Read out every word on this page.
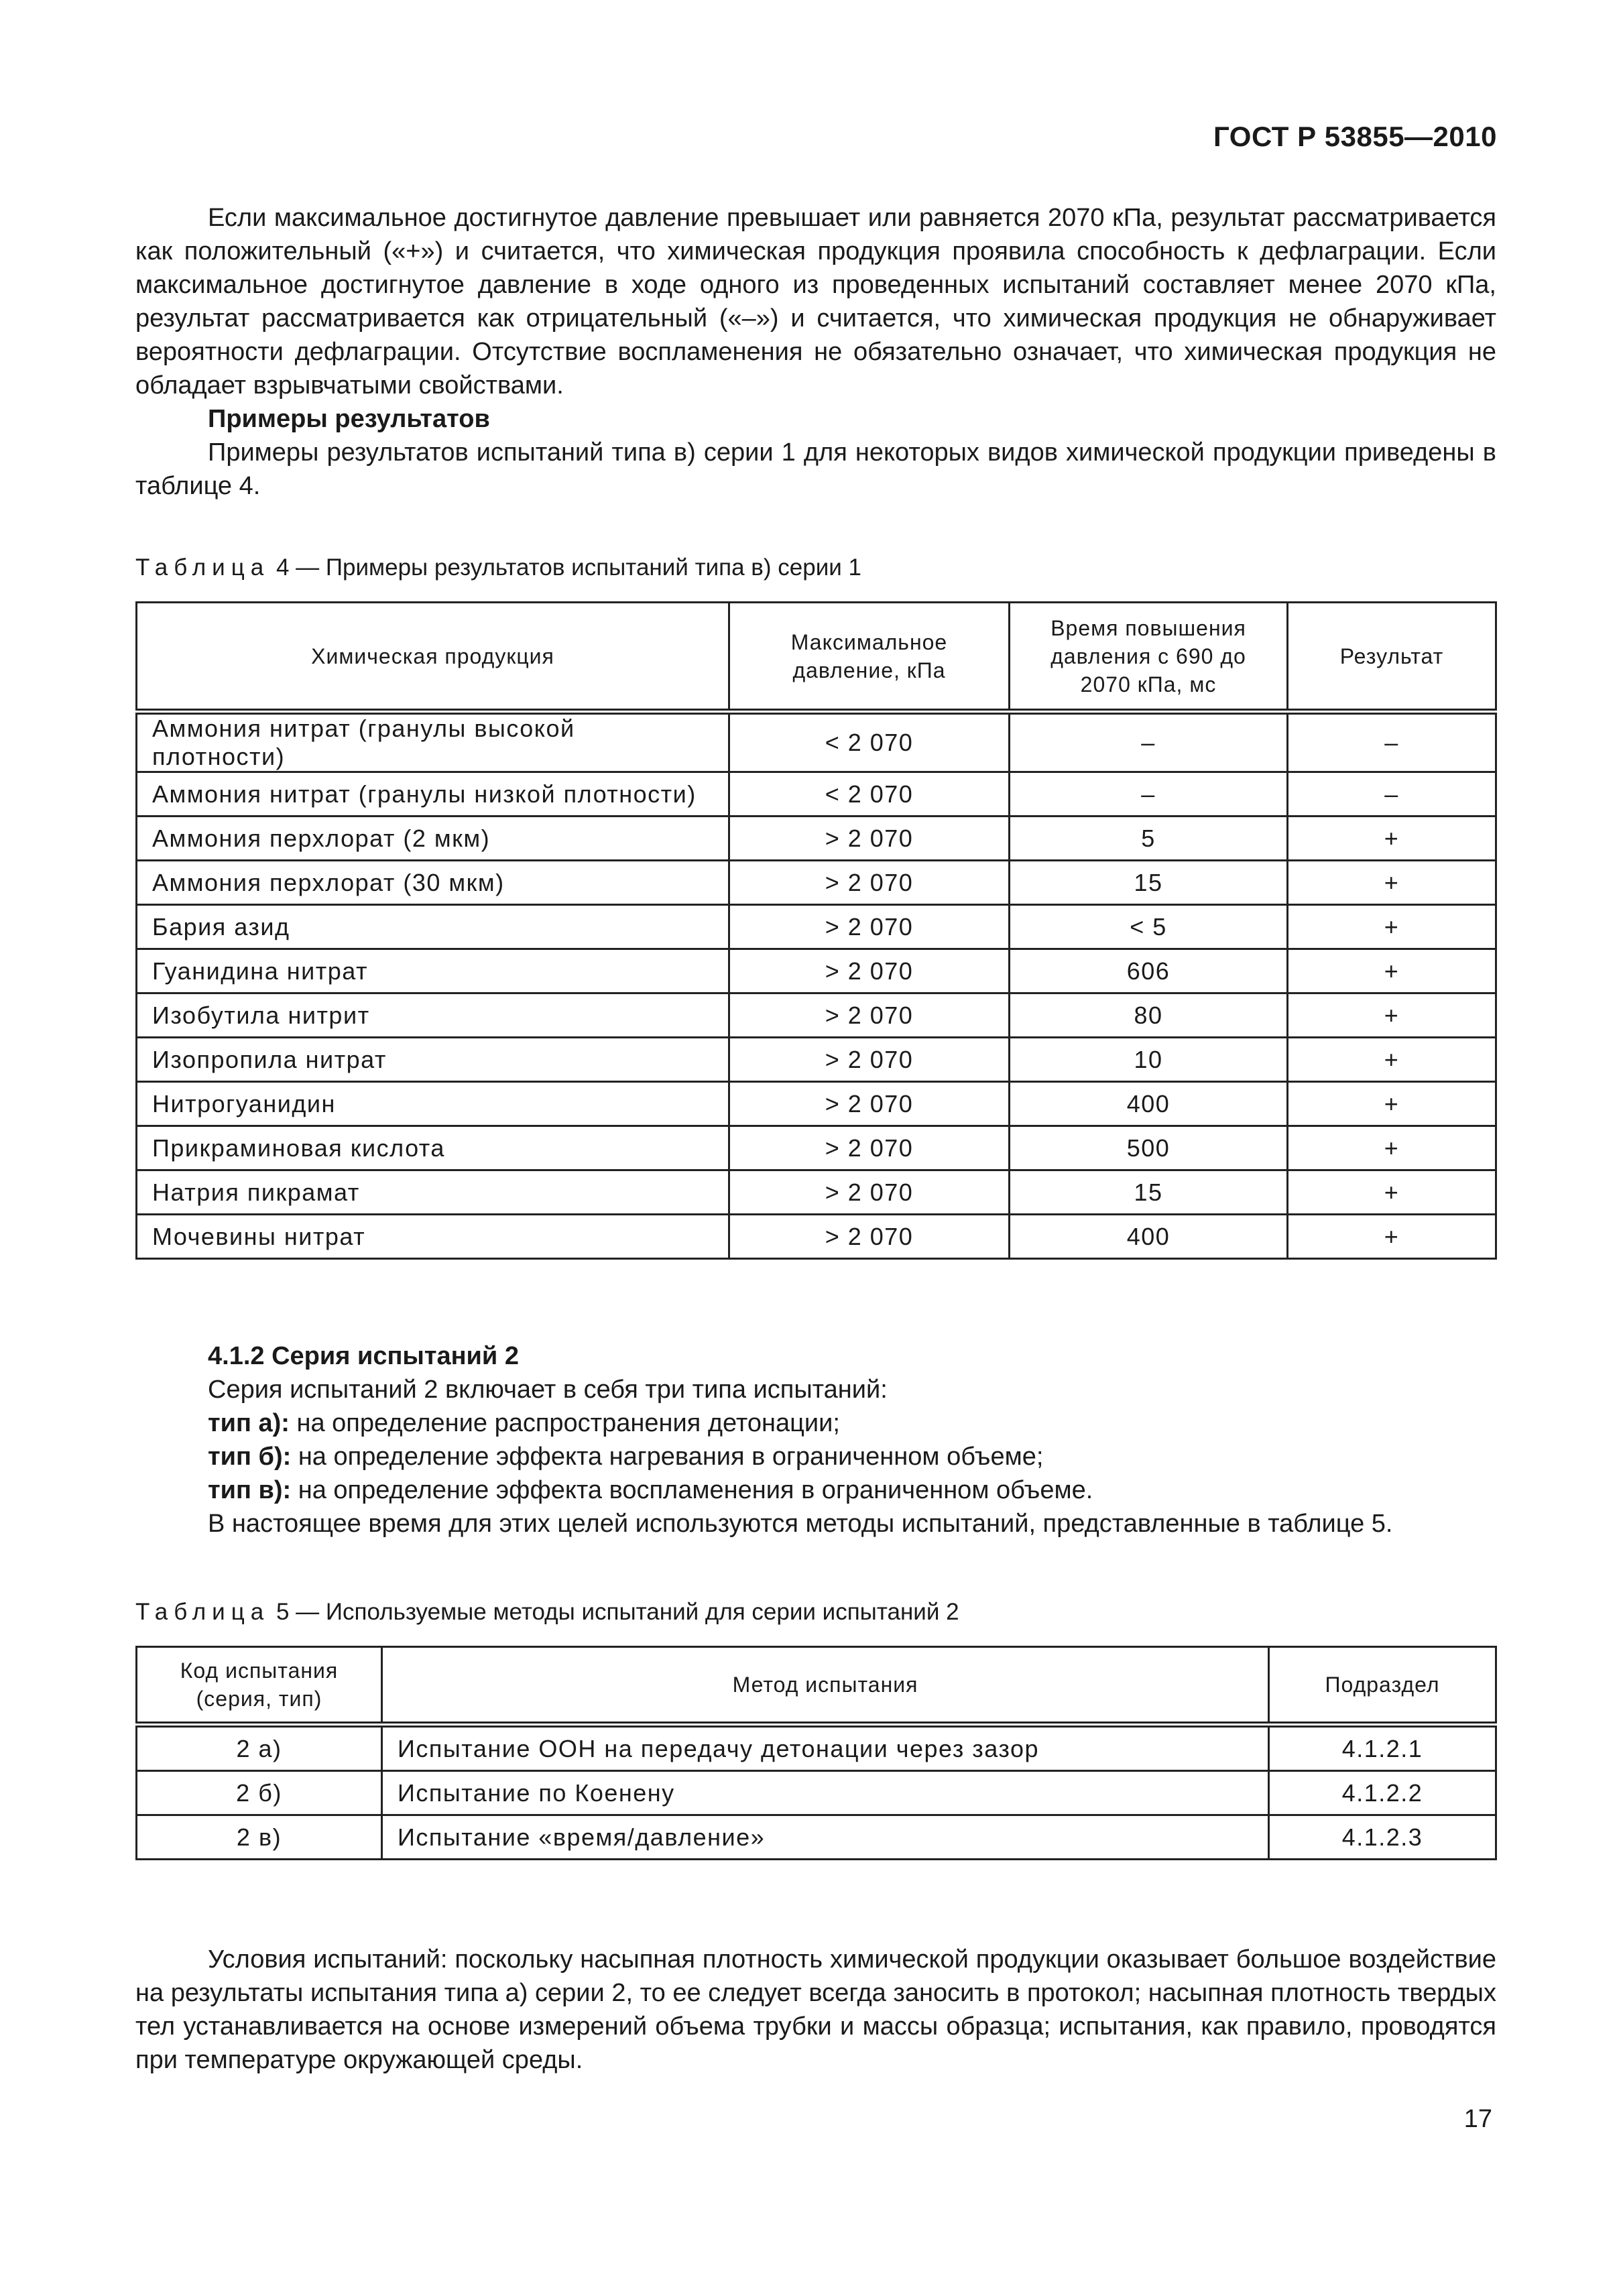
ГОСТ Р 53855—2010

Если максимальное достигнутое давление превышает или равняется 2070 кПа, результат рассматривается как положительный («+») и считается, что химическая продукция проявила способность к дефлаграции. Если максимальное достигнутое давление в ходе одного из проведенных испытаний составляет менее 2070 кПа, результат рассматривается как отрицательный («–») и считается, что химическая продукция не обнаруживает вероятности дефлаграции. Отсутствие воспламенения не обязательно означает, что химическая продукция не обладает взрывчатыми свойствами.

Примеры результатов

Примеры результатов испытаний типа в) серии 1 для некоторых видов химической продукции приведены в таблице 4.

Таблица 4 — Примеры результатов испытаний типа в) серии 1
Химическая продукция	Максимальное давление, кПа	Время повышения давления с 690 до 2070 кПа, мс	Результат
Аммония нитрат (гранулы высокой плотности)	< 2 070	–	–
Аммония нитрат (гранулы низкой плотности)	< 2 070	–	–
Аммония перхлорат (2 мкм)	> 2 070	5	+
Аммония перхлорат (30 мкм)	> 2 070	15	+
Бария азид	> 2 070	< 5	+
Гуанидина нитрат	> 2 070	606	+
Изобутила нитрит	> 2 070	80	+
Изопропила нитрат	> 2 070	10	+
Нитрогуанидин	> 2 070	400	+
Прикраминовая кислота	> 2 070	500	+
Натрия пикрамат	> 2 070	15	+
Мочевины нитрат	> 2 070	400	+

4.1.2 Серия испытаний 2

Серия испытаний 2 включает в себя три типа испытаний:

тип а): на определение распространения детонации;

тип б): на определение эффекта нагревания в ограниченном объеме;

тип в): на определение эффекта воспламенения в ограниченном объеме.

В настоящее время для этих целей используются методы испытаний, представленные в таблице 5.

Таблица 5 — Используемые методы испытаний для серии испытаний 2
Код испытания (серия, тип)	Метод испытания	Подраздел
2 а)	Испытание ООН на передачу детонации через зазор	4.1.2.1
2 б)	Испытание по Коенену	4.1.2.2
2 в)	Испытание «время/давление»	4.1.2.3

Условия испытаний: поскольку насыпная плотность химической продукции оказывает большое воздействие на результаты испытания типа а) серии 2, то ее следует всегда заносить в протокол; насыпная плотность твердых тел устанавливается на основе измерений объема трубки и массы образца; испытания, как правило, проводятся при температуре окружающей среды.

17
